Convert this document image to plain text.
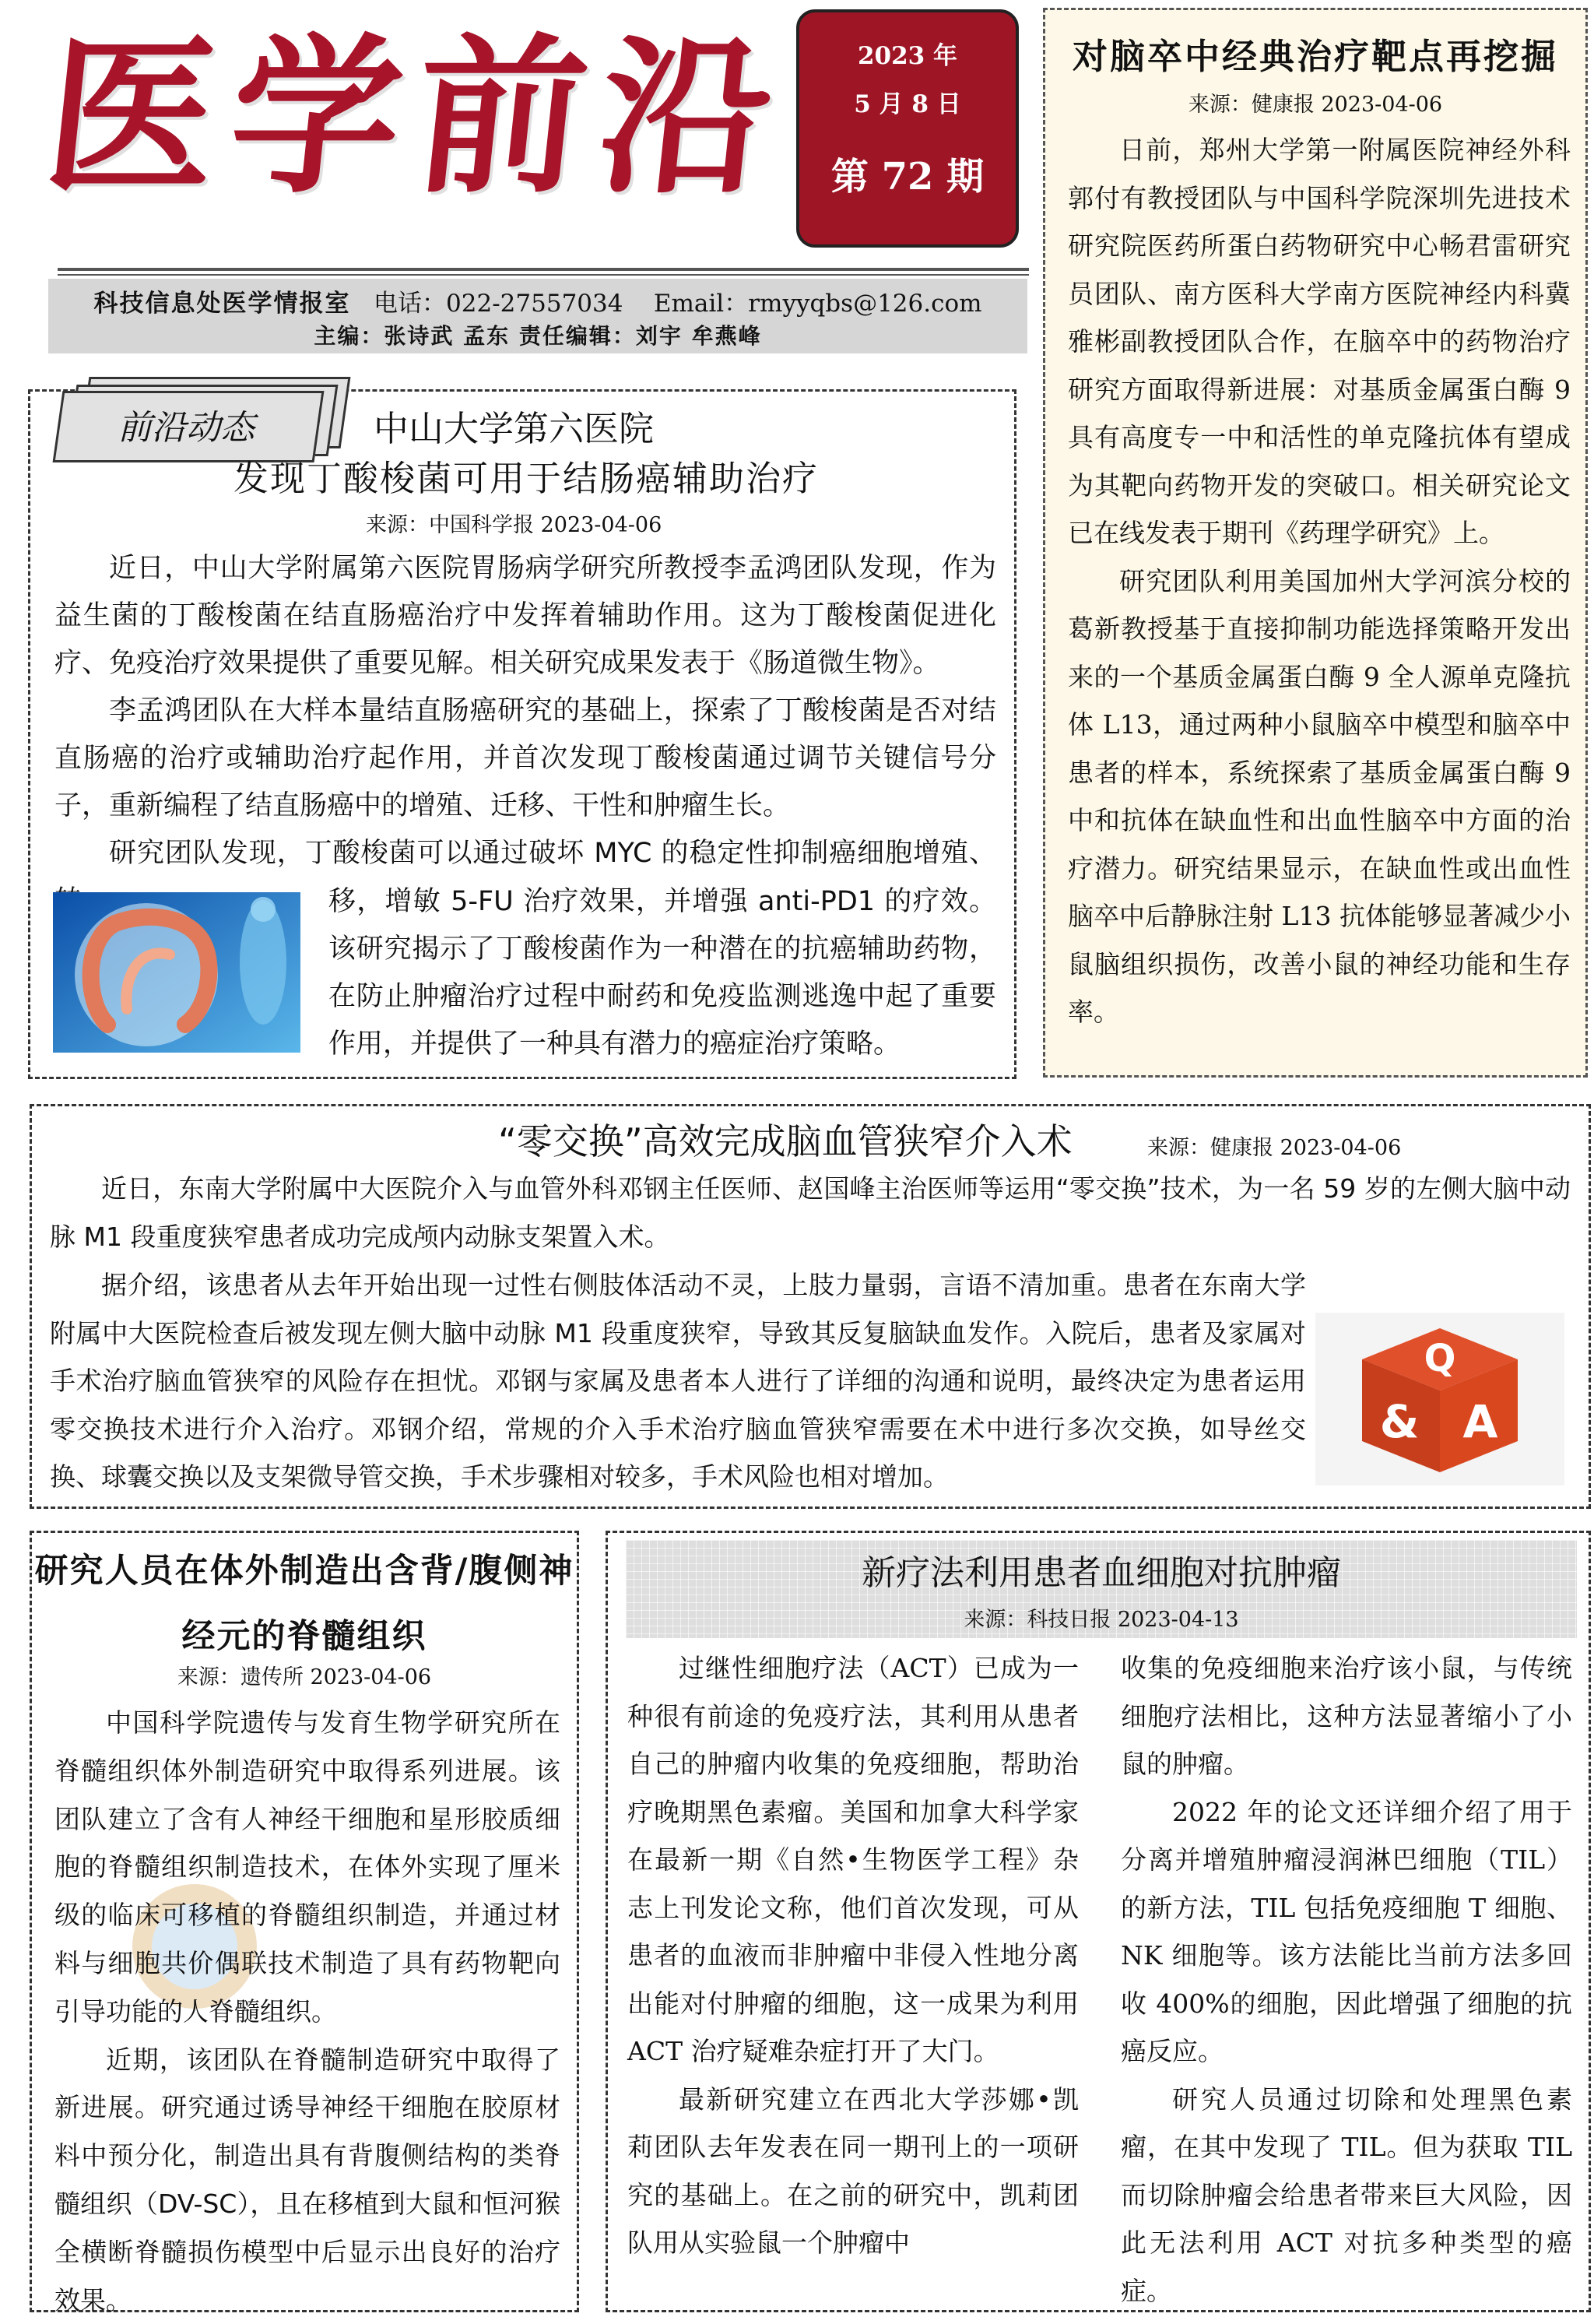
医
学
前
沿	2023 年
5 月 8 日
第 72 期
科技信息处医学情报室 电话：022-27557034 Email：rmyyqbs@126.com
主编：张诗武 孟东 责任编辑：刘宇 牟燕峰
前沿动态	中山大学第六医院
发现丁酸梭菌可用于结肠癌辅助治疗
来源：中国科学报 2023-04-06

近日，中山大学附属第六医院胃肠病学研究所教授李孟鸿团队发现，作为益生菌的丁酸梭菌在结直肠癌治疗中发挥着辅助作用。这为丁酸梭菌促进化疗、免疫治疗效果提供了重要见解。相关研究成果发表于《肠道微生物》。

李孟鸿团队在大样本量结直肠癌研究的基础上，探索了丁酸梭菌是否对结直肠癌的治疗或辅助治疗起作用，并首次发现丁酸梭菌通过调节关键信号分子，重新编程了结直肠癌中的增殖、迁移、干性和肿瘤生长。

研究团队发现，丁酸梭菌可以通过破坏 MYC 的稳定性抑制癌细胞增殖、

移，增敏 5-FU 治疗效果，并增强 anti-PD1 的疗效。该研究揭示了丁酸梭菌作为一种潜在的抗癌辅助药物，在防止肿瘤治疗过程中耐药和免疫监测逃逸中起了重要作用，并提供了一种具有潜力的癌症治疗策略。
对脑卒中经典治疗靶点再挖掘
来源：健康报 2023-04-06

日前，郑州大学第一附属医院神经外科郭付有教授团队与中国科学院深圳先进技术研究院医药所蛋白药物研究中心畅君雷研究员团队、南方医科大学南方医院神经内科冀雅彬副教授团队合作，在脑卒中的药物治疗研究方面取得新进展：对基质金属蛋白酶 9 具有高度专一中和活性的单克隆抗体有望成为其靶向药物开发的突破口。相关研究论文已在线发表于期刊《药理学研究》上。

研究团队利用美国加州大学河滨分校的葛新教授基于直接抑制功能选择策略开发出来的一个基质金属蛋白酶 9 全人源单克隆抗体 L13，通过两种小鼠脑卒中模型和脑卒中患者的样本，系统探索了基质金属蛋白酶 9 中和抗体在缺血性和出血性脑卒中方面的治疗潜力。研究结果显示，在缺血性或出血性脑卒中后静脉注射 L13 抗体能够显著减少小鼠脑组织损伤，改善小鼠的神经功能和生存率。

“零交换”高效完成脑血管狭窄介入术	来源：健康报 2023-04-06

近日，东南大学附属中大医院介入与血管外科邓钢主任医师、赵国峰主治医师等运用“零交换”技术，为一名 59 岁的左侧大脑中动脉 M1 段重度狭窄患者成功完成颅内动脉支架置入术。

据介绍，该患者从去年开始出现一过性右侧肢体活动不灵，上肢力量弱，言语不清加重。患者在东南大学附属中大医院检查后被发现左侧大脑中动脉 M1 段重度狭窄，导致其反复脑缺血发作。入院后，患者及家属对手术治疗脑血管狭窄的风险存在担忧。邓钢与家属及患者本人进行了详细的沟通和说明，最终决定为患者运用零交换技术进行介入治疗。邓钢介绍，常规的介入手术治疗脑血管狭窄需要在术中进行多次交换，如导丝交换、球囊交换以及支架微导管交换，手术步骤相对较多，手术风险也相对增加。

Q
& A
研究人员在体外制造出含背/腹侧神经元的脊髓组织
来源：遗传所 2023-04-06

中国科学院遗传与发育生物学研究所在脊髓组织体外制造研究中取得系列进展。该团队建立了含有人神经干细胞和星形胶质细胞的脊髓组织制造技术，在体外实现了厘米级的临床可移植的脊髓组织制造，并通过材料与细胞共价偶联技术制造了具有药物靶向引导功能的人脊髓组织。

近期，该团队在脊髓制造研究中取得了新进展。研究通过诱导神经干细胞在胶原材料中预分化，制造出具有背腹侧结构的类脊髓组织（DV-SC），且在移植到大鼠和恒河猴全横断脊髓损伤模型中后显示出良好的治疗效果。

新疗法利用患者血细胞对抗肿瘤
来源：科技日报 2023-04-13

过继性细胞疗法（ACT）已成为一种很有前途的免疫疗法，其利用从患者自己的肿瘤内收集的免疫细胞，帮助治疗晚期黑色素瘤。美国和加拿大科学家在最新一期《自然•生物医学工程》杂志上刊发论文称，他们首次发现，可从患者的血液而非肿瘤中非侵入性地分离出能对付肿瘤的细胞，这一成果为利用 ACT 治疗疑难杂症打开了大门。

最新研究建立在西北大学莎娜•凯莉团队去年发表在同一期刊上的一项研究的基础上。在之前的研究中，凯莉团队用从实验鼠一个肿瘤中

收集的免疫细胞来治疗该小鼠，与传统细胞疗法相比，这种方法显著缩小了小鼠的肿瘤。

2022 年的论文还详细介绍了用于分离并增殖肿瘤浸润淋巴细胞（TIL）的新方法，TIL 包括免疫细胞 T 细胞、NK 细胞等。该方法能比当前方法多回收 400%的细胞，因此增强了细胞的抗癌反应。

研究人员通过切除和处理黑色素瘤，在其中发现了 TIL。但为获取 TIL 而切除肿瘤会给患者带来巨大风险，因此无法利用 ACT 对抗多种类型的癌症。
